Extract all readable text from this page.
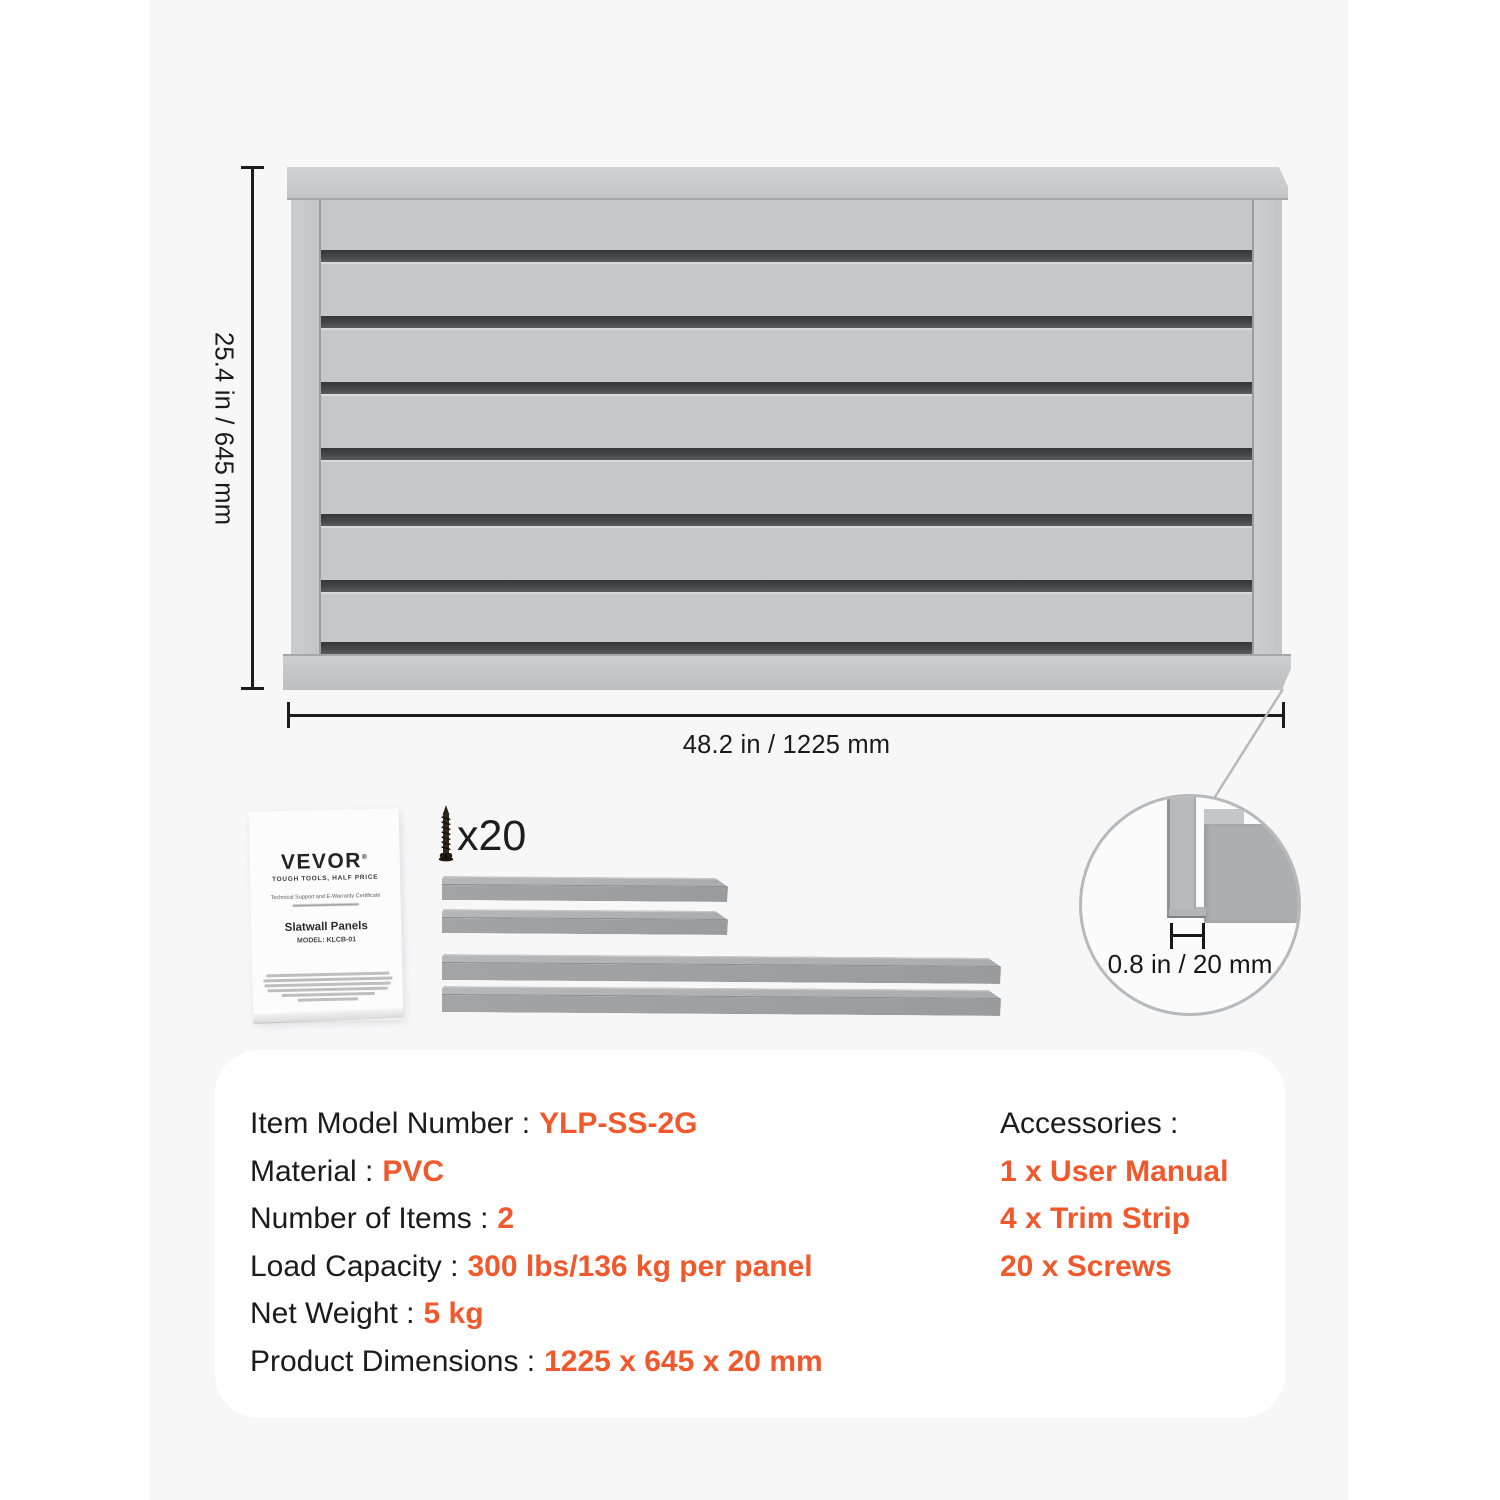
25.4 in / 645 mm
48.2 in / 1225 mm
0.8 in / 20 mm
VEVOR®
TOUGH TOOLS, HALF PRICE
Technical Support and E-Warranty Certificate
Slatwall Panels
MODEL: KLCB-01
x20
Item Model Number : YLP-SS-2G
Material : PVC
Number of Items : 2
Load Capacity : 300 lbs/136 kg per panel
Net Weight : 5 kg
Product Dimensions : 1225 x 645 x 20 mm
Accessories :
1 x User Manual
4 x Trim Strip
20 x Screws
